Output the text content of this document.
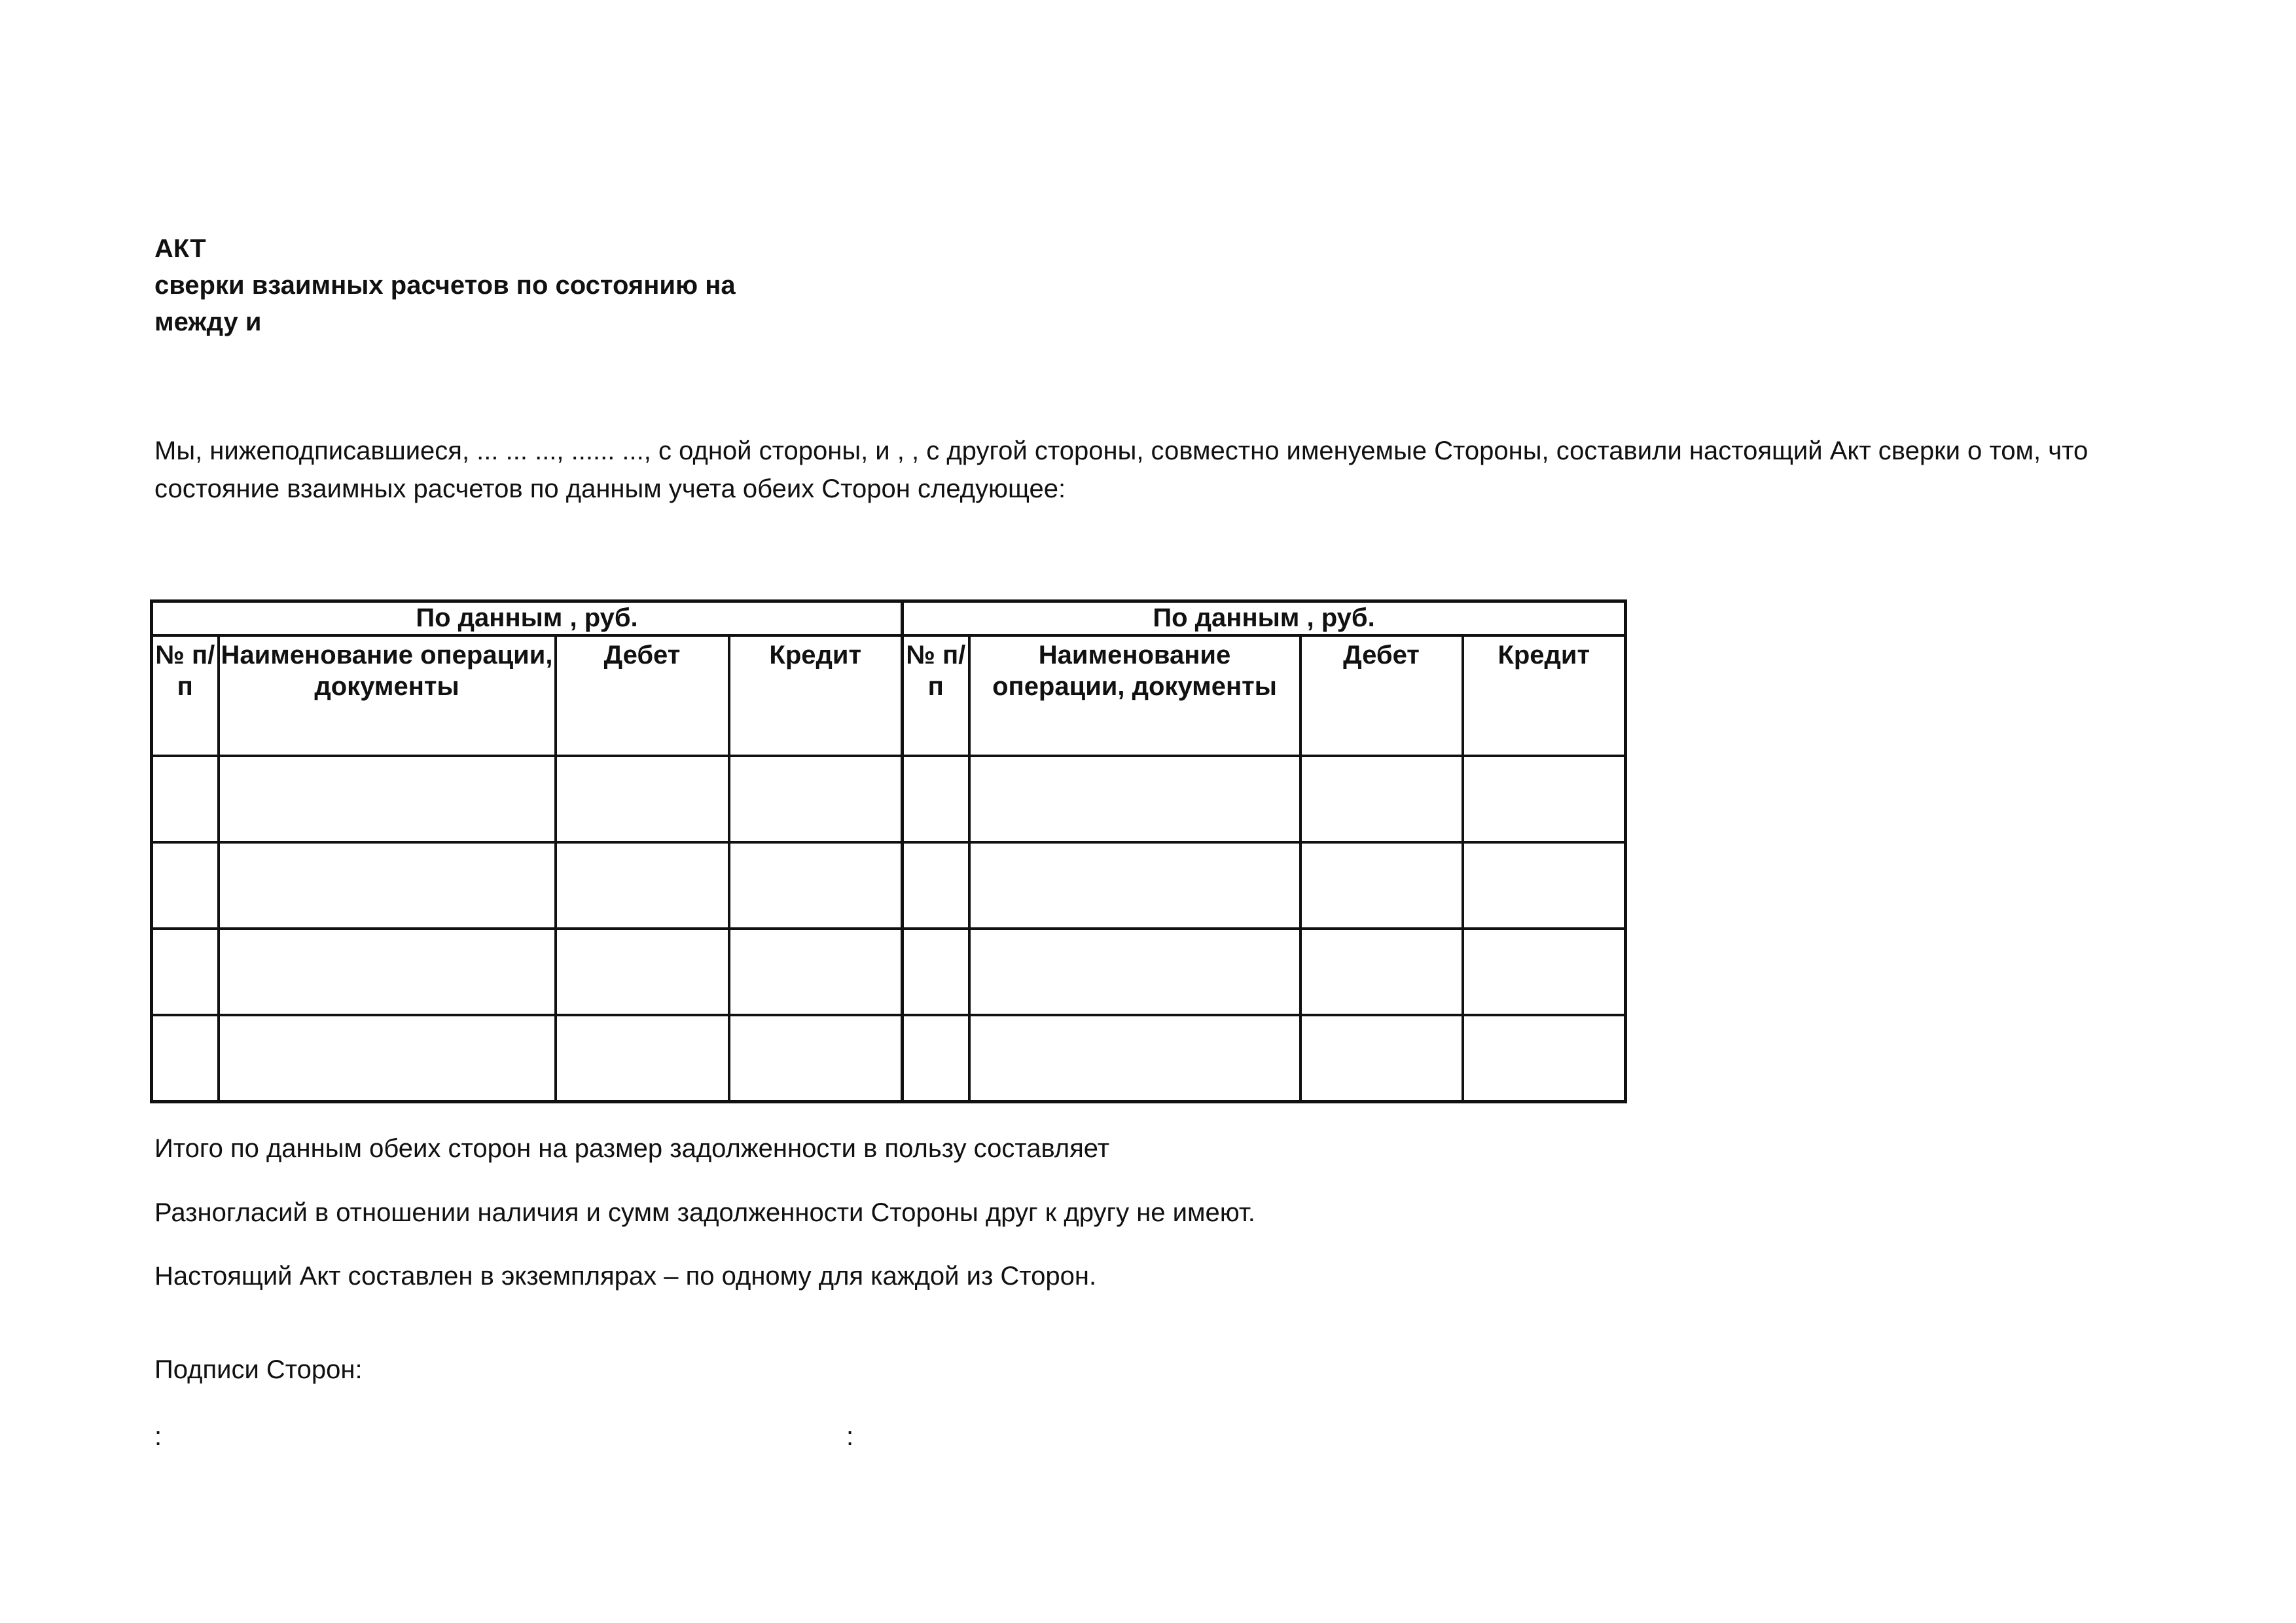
АКТ
сверки взаимных расчетов по состоянию на
между и
Мы, нижеподписавшиеся, ... ... ..., ...... ..., с одной стороны, и , , с другой стороны, совместно именуемые Стороны, составили настоящий Акт сверки о том, что состояние взаимных расчетов по данным учета обеих Сторон следующее:
По данным , руб.				По данным , руб.			
№ п/ п	Наименование операции, документы	Дебет	Кредит	№ п/ п	Наименование операции, документы	Дебет	Кредит

Итого по данным обеих сторон на размер задолженности в пользу составляет
Разногласий в отношении наличия и сумм задолженности Стороны друг к другу не имеют.
Настоящий Акт составлен в экземплярах – по одному для каждой из Сторон.
Подписи Сторон:
:	:
